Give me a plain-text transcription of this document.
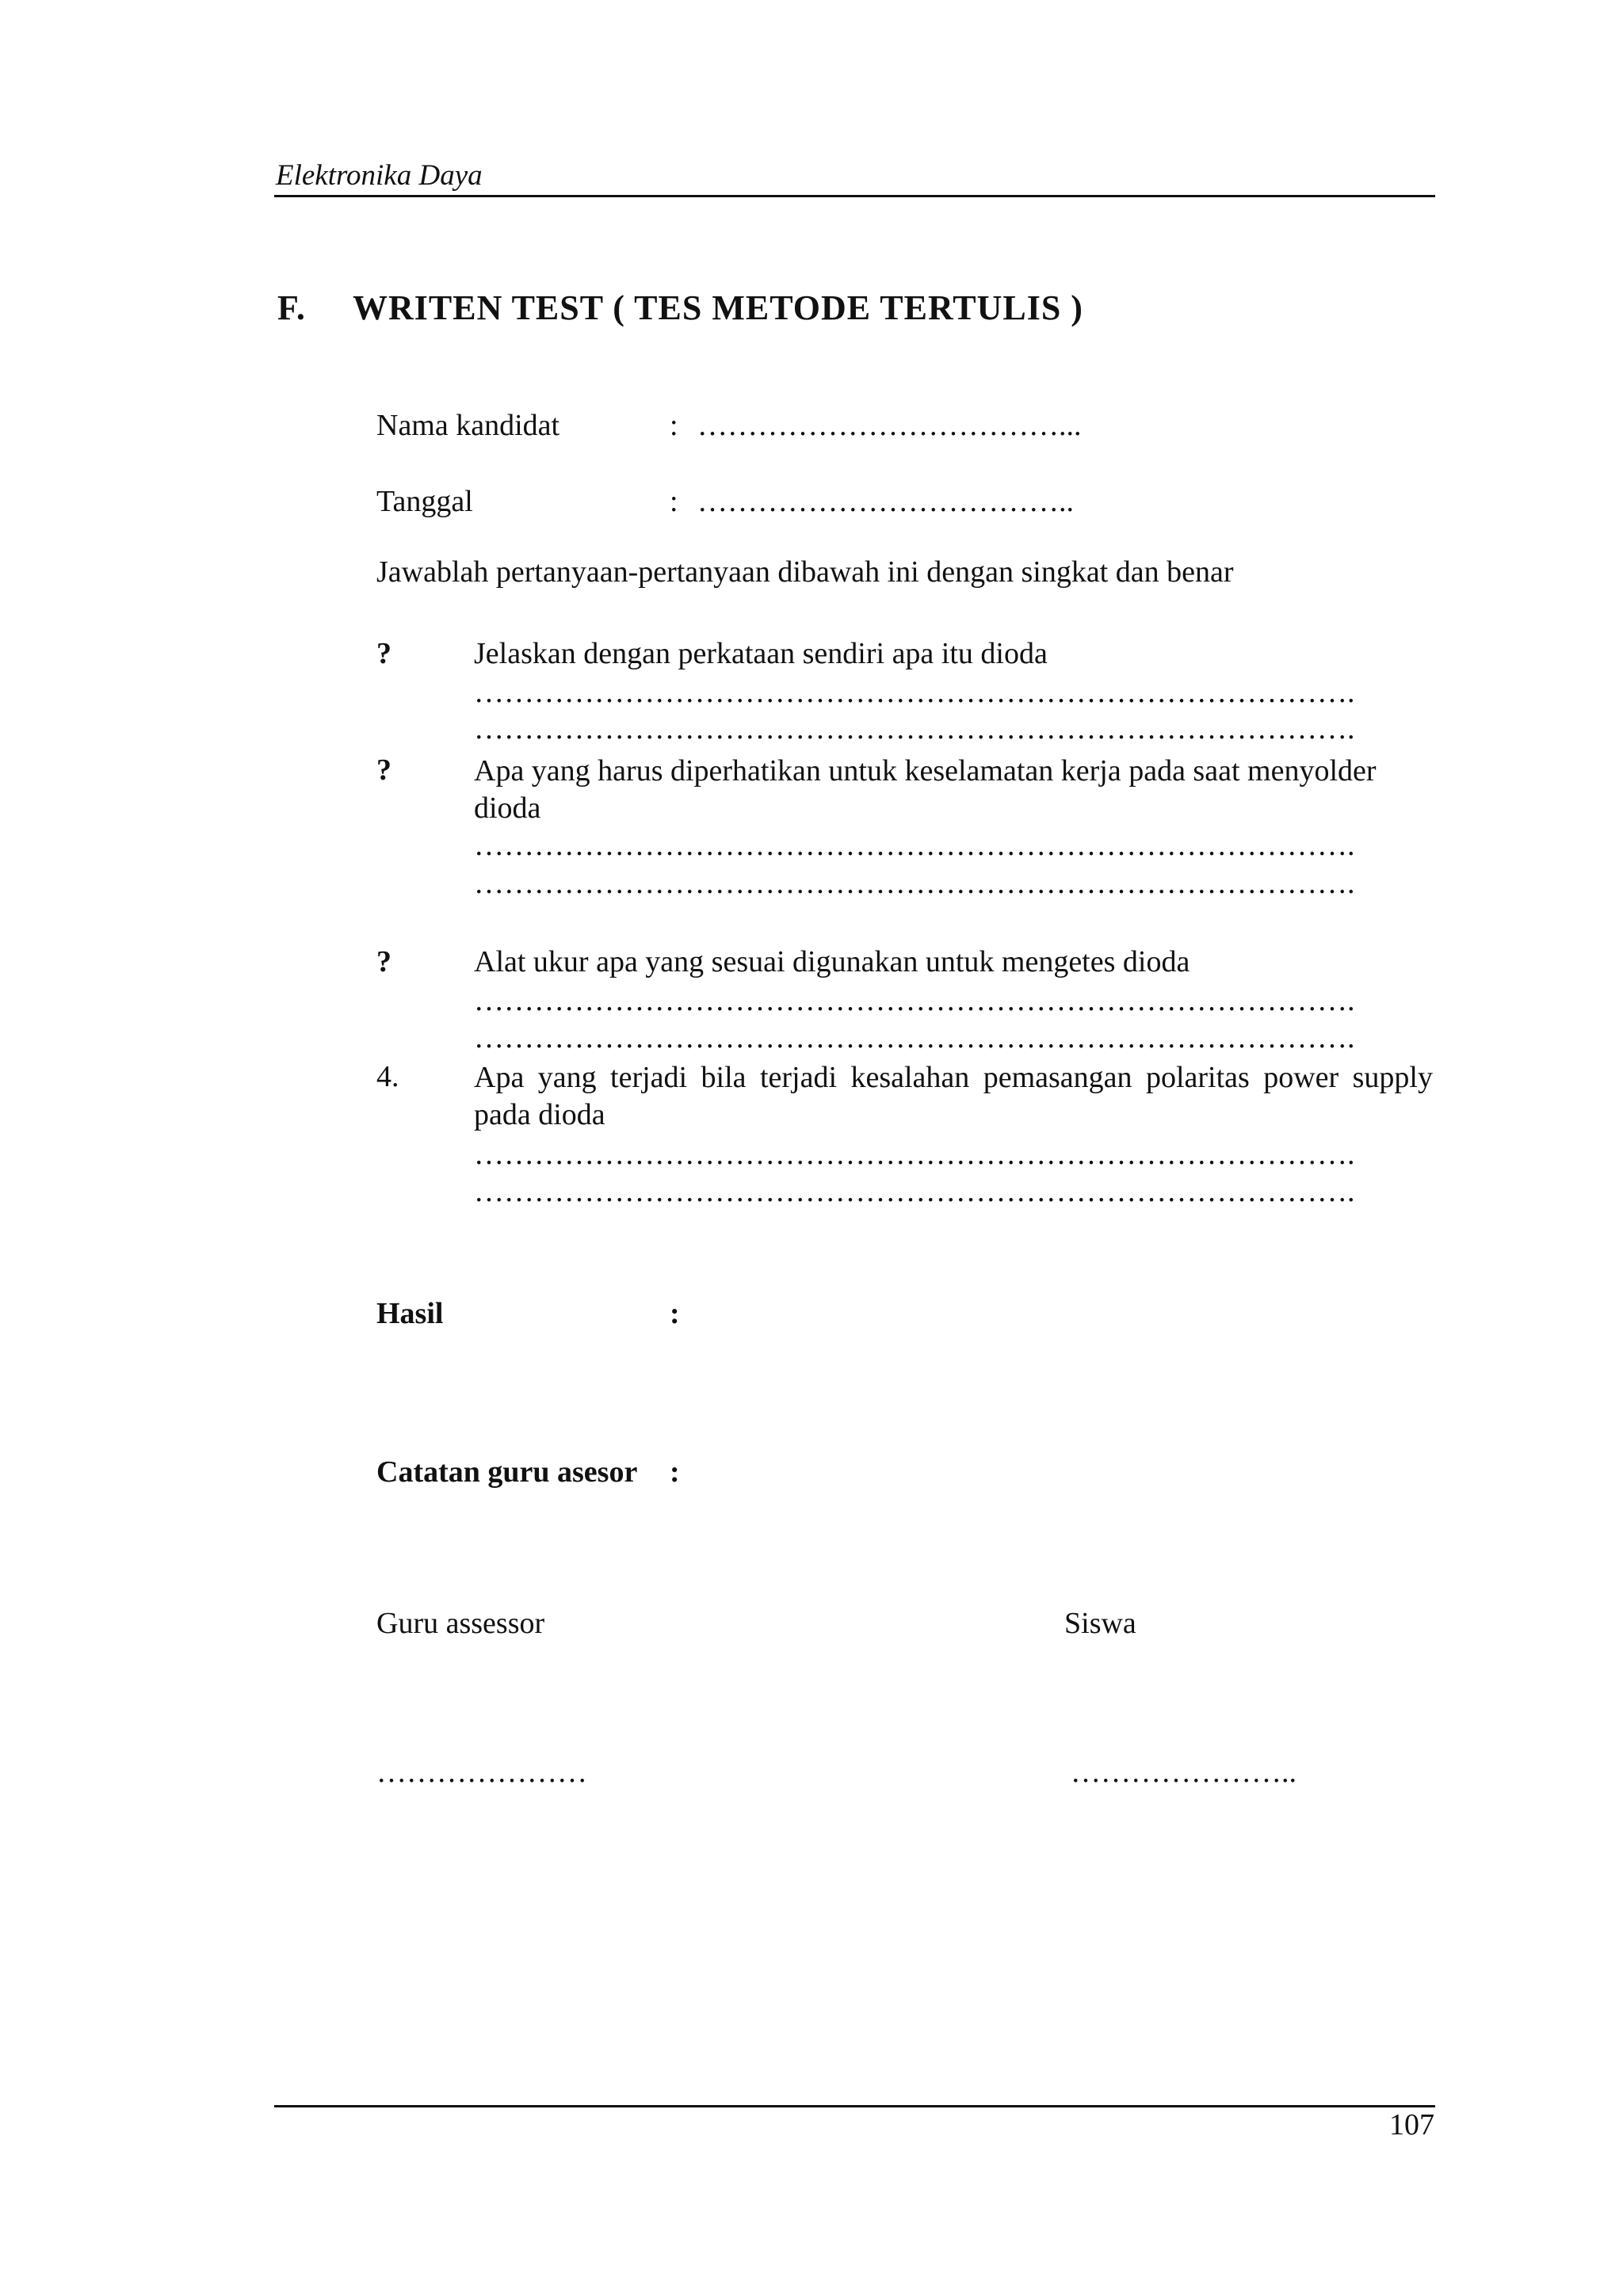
Elektronika Daya
F. WRITEN TEST ( TES METODE TERTULIS )
Nama kandidat	: ………………………………...
Tanggal	: ………………………………..
Jawablah pertanyaan-pertanyaan dibawah ini dengan singkat dan benar
?	Jelaskan dengan perkataan sendiri apa itu dioda
…………………………………………………………………………….
…………………………………………………………………………….
?	Apa yang harus diperhatikan untuk keselamatan kerja pada saat menyolder dioda
…………………………………………………………………………….
…………………………………………………………………………….
?	Alat ukur apa yang sesuai digunakan untuk mengetes dioda
…………………………………………………………………………….
…………………………………………………………………………….
4. Apa yang terjadi bila terjadi kesalahan pemasangan polaritas power supply pada dioda
…………………………………………………………………………….
…………………………………………………………………………….
Hasil	:
Catatan guru asesor :
Guru assessor	Siswa
…………………	…………………..
107
